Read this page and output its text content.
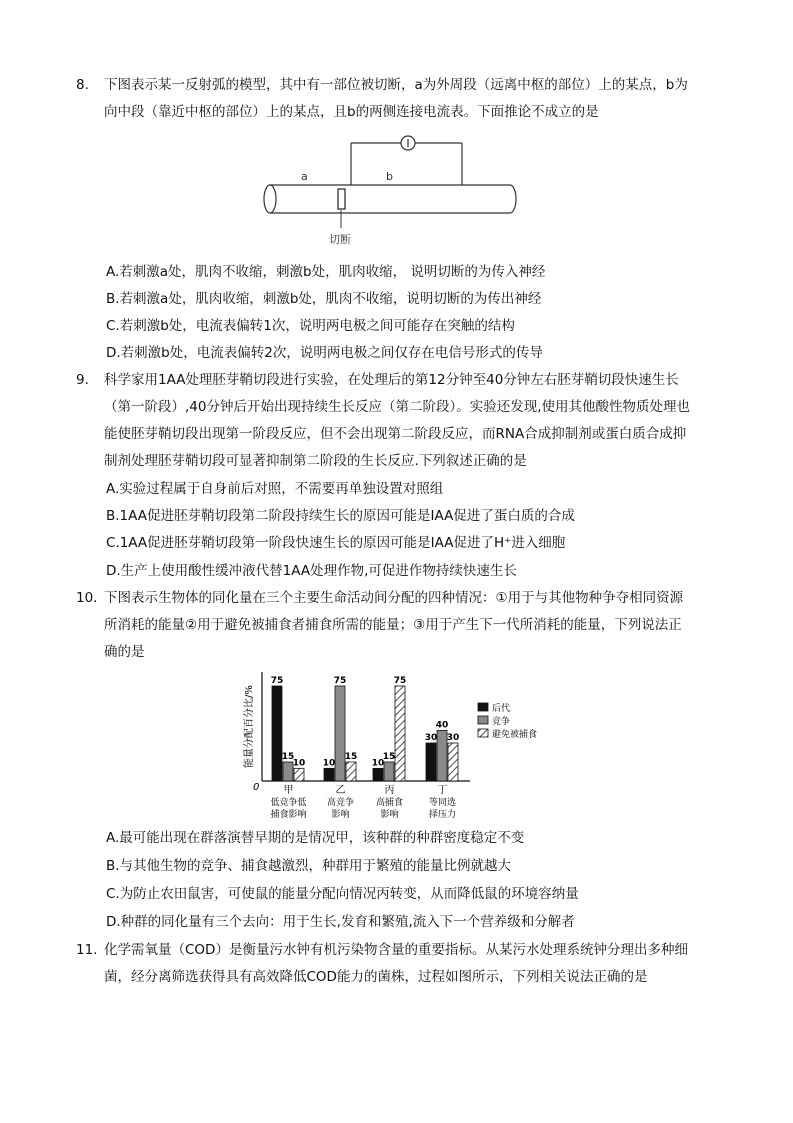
8. 下图表示某一反射弧的模型，其中有一部位被切断，a为外周段（远离中枢的部位）上的某点，b为
向中段（靠近中枢的部位）上的某点，且b的两侧连接电流表。下面推论不成立的是
a	b
切断
A.若刺激a处，肌肉不收缩，刺激b处，肌肉收缩， 说明切断的为传入神经
B.若刺激a处，肌肉收缩，刺激b处，肌肉不收缩，说明切断的为传出神经
C.若刺激b处，电流表偏转1次，说明两电极之间可能存在突触的结构
D.若刺激b处，电流表偏转2次，说明两电极之间仅存在电信号形式的传导
9. 科学家用1AA处理胚芽鞘切段进行实验，在处理后的第12分钟至40分钟左右胚芽鞘切段快速生长
（第一阶段）,40分钟后开始出现持续生长反应（第二阶段）。实验还发现,使用其他酸性物质处理也
能使胚芽鞘切段出现第一阶段反应，但不会出现第二阶段反应，而RNA合成抑制剂或蛋白质合成抑
制剂处理胚芽鞘切段可显著抑制第二阶段的生长反应.下列叙述正确的是
A.实验过程属于自身前后对照，不需要再单独设置对照组
B.1AA促进胚芽鞘切段第二阶段持续生长的原因可能是IAA促进了蛋白质的合成
C.1AA促进胚芽鞘切段第一阶段快速生长的原因可能是IAA促进了H⁺进入细胞
D.生产上使用酸性缓冲液代替1AA处理作物,可促进作物持续快速生长
10. 下图表示生物体的同化量在三个主要生命活动间分配的四种情况：①用于与其他物种争夺相同资源
所消耗的能量②用于避免被捕食者捕食所需的能量；③用于产生下一代所消耗的能量，下列说法正
确的是
0
能量分配百分比/%
75
10	10
30
15
75
15
40
10
15
75
30
甲
低竞争低
捕食影响
乙
高竞争
影响
丙
高捕食
影响
丁
等同选
择压力
后代
竞争
避免被捕食
A.最可能出现在群落演替早期的是情况甲，该种群的种群密度稳定不变
B.与其他生物的竞争、捕食越激烈，种群用于繁殖的能量比例就越大
C.为防止农田鼠害，可使鼠的能量分配向情况丙转变，从而降低鼠的环境容纳量
D.种群的同化量有三个去向：用于生长,发育和繁殖,流入下一个营养级和分解者
11. 化学需氧量（COD）是衡量污水钟有机污染物含量的重要指标。从某污水处理系统钟分理出多种细
菌，经分离筛选获得具有高效降低COD能力的菌株，过程如图所示，下列相关说法正确的是
